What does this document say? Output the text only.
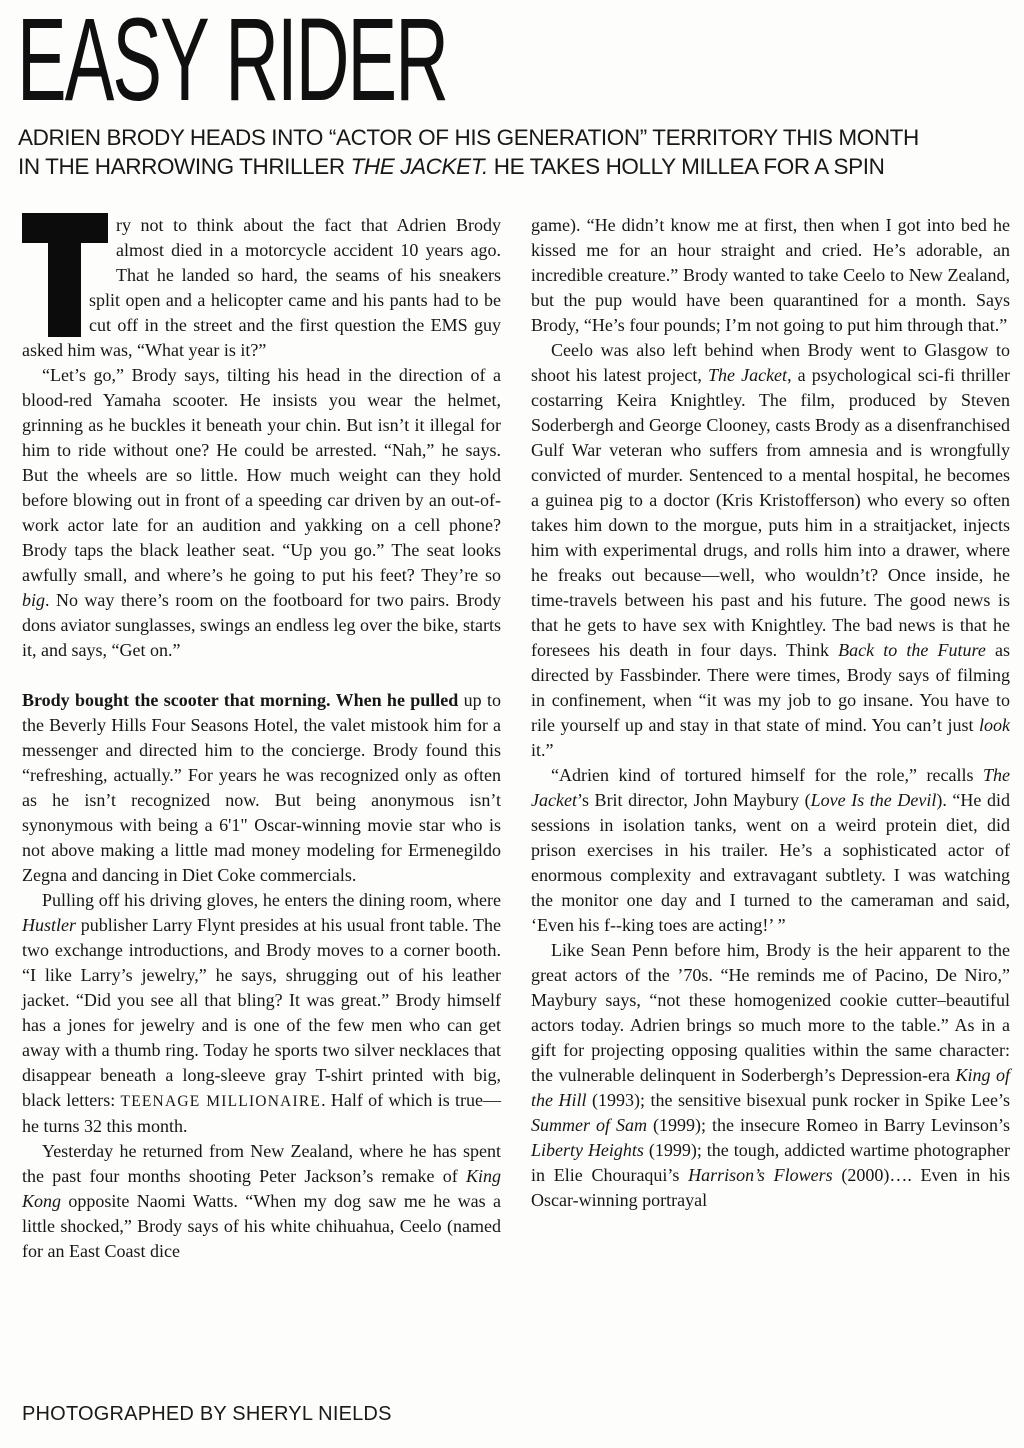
EASY RIDER

ADRIEN BRODY HEADS INTO “ACTOR OF HIS GENERATION” TERRITORY THIS MONTH
IN THE HARROWING THRILLER THE JACKET. HE TAKES HOLLY MILLEA FOR A SPIN

ry not to think about the fact that Adrien Brody almost died in a motorcycle accident 10 years ago. That he landed so hard, the seams of his sneakers split open and a helicopter came and his pants had to be cut off in the street and the first question the EMS guy asked him was, “What year is it?”

“Let’s go,” Brody says, tilting his head in the direction of a blood-red Yamaha scooter. He insists you wear the helmet, grinning as he buckles it beneath your chin. But isn’t it illegal for him to ride without one? He could be arrested. “Nah,” he says. But the wheels are so little. How much weight can they hold before blowing out in front of a speeding car driven by an out-of-work actor late for an audition and yakking on a cell phone? Brody taps the black leather seat. “Up you go.” The seat looks awfully small, and where’s he going to put his feet? They’re so big. No way there’s room on the footboard for two pairs. Brody dons aviator sunglasses, swings an endless leg over the bike, starts it, and says, “Get on.”

Brody bought the scooter that morning. When he pulled up to the Beverly Hills Four Seasons Hotel, the valet mistook him for a messenger and directed him to the concierge. Brody found this “refreshing, actually.” For years he was recognized only as often as he isn’t recognized now. But being anonymous isn’t synonymous with being a 6'1" Oscar-winning movie star who is not above making a little mad money modeling for Ermenegildo Zegna and dancing in Diet Coke commercials.

Pulling off his driving gloves, he enters the dining room, where Hustler publisher Larry Flynt presides at his usual front table. The two exchange introductions, and Brody moves to a corner booth. “I like Larry’s jewelry,” he says, shrugging out of his leather jacket. “Did you see all that bling? It was great.” Brody himself has a jones for jewelry and is one of the few men who can get away with a thumb ring. Today he sports two silver necklaces that disappear beneath a long-sleeve gray T-shirt printed with big, black letters: TEENAGE MILLIONAIRE. Half of which is true—he turns 32 this month.

Yesterday he returned from New Zealand, where he has spent the past four months shooting Peter Jackson’s remake of King Kong opposite Naomi Watts. “When my dog saw me he was a little shocked,” Brody says of his white chihuahua, Ceelo (named for an East Coast dice

game). “He didn’t know me at first, then when I got into bed he kissed me for an hour straight and cried. He’s adorable, an incredible creature.” Brody wanted to take Ceelo to New Zealand, but the pup would have been quarantined for a month. Says Brody, “He’s four pounds; I’m not going to put him through that.”

Ceelo was also left behind when Brody went to Glasgow to shoot his latest project, The Jacket, a psychological sci-fi thriller costarring Keira Knightley. The film, produced by Steven Soderbergh and George Clooney, casts Brody as a disenfranchised Gulf War veteran who suffers from amnesia and is wrongfully convicted of murder. Sentenced to a mental hospital, he becomes a guinea pig to a doctor (Kris Kristofferson) who every so often takes him down to the morgue, puts him in a straitjacket, injects him with experimental drugs, and rolls him into a drawer, where he freaks out because—well, who wouldn’t? Once inside, he time-travels between his past and his future. The good news is that he gets to have sex with Knightley. The bad news is that he foresees his death in four days. Think Back to the Future as directed by Fassbinder. There were times, Brody says of filming in confinement, when “it was my job to go insane. You have to rile yourself up and stay in that state of mind. You can’t just look it.”

“Adrien kind of tortured himself for the role,” recalls The Jacket’s Brit director, John Maybury (Love Is the Devil). “He did sessions in isolation tanks, went on a weird protein diet, did prison exercises in his trailer. He’s a sophisticated actor of enormous complexity and extravagant subtlety. I was watching the monitor one day and I turned to the cameraman and said, ‘Even his f--king toes are acting!’ ”

Like Sean Penn before him, Brody is the heir apparent to the great actors of the ’70s. “He reminds me of Pacino, De Niro,” Maybury says, “not these homogenized cookie cutter–beautiful actors today. Adrien brings so much more to the table.” As in a gift for projecting opposing qualities within the same character: the vulnerable delinquent in Soderbergh’s Depression-era King of the Hill (1993); the sensitive bisexual punk rocker in Spike Lee’s Summer of Sam (1999); the insecure Romeo in Barry Levinson’s Liberty Heights (1999); the tough, addicted wartime photographer in Elie Chouraqui’s Harrison’s Flowers (2000)…. Even in his Oscar-winning portrayal

PHOTOGRAPHED BY SHERYL NIELDS
